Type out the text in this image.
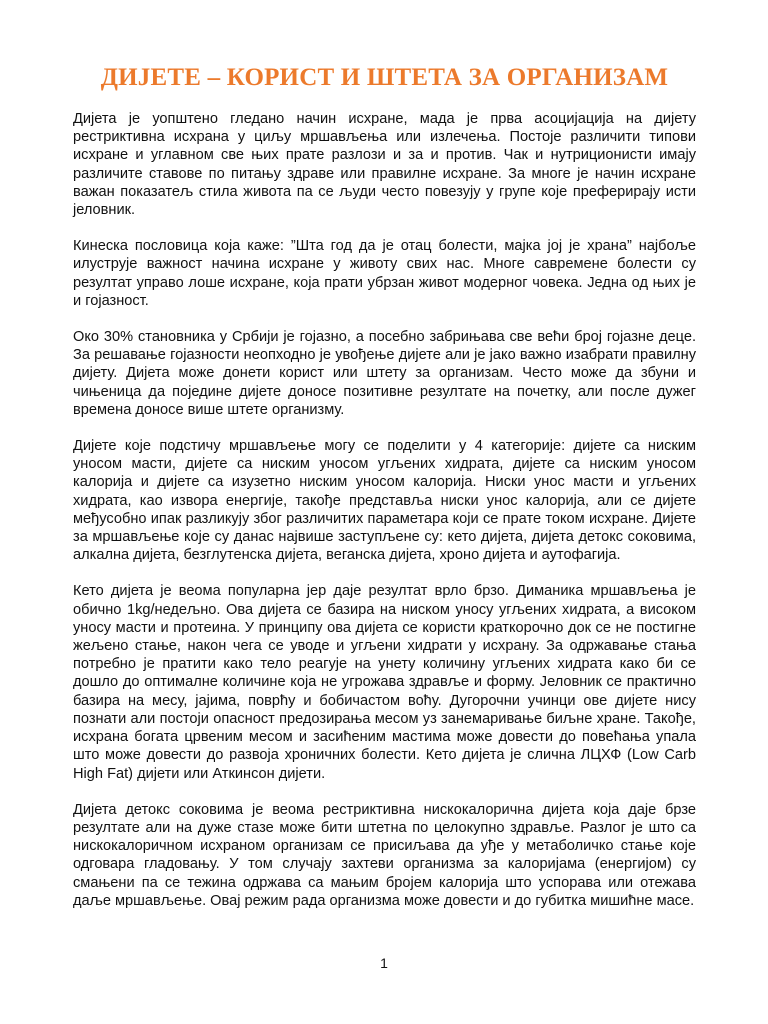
ДИЈЕТЕ – КОРИСТ И ШТЕТА ЗА ОРГАНИЗАМ

Дијета је уопштено гледано начин исхране, мада је прва асоцијација на дијету рестриктивна исхрана у циљу мршављења или излечења. Постоје различити типови исхране и углавном све њих прате разлози и за и против. Чак и нутриционисти имају различите ставове по питању здраве или правилне исхране. За многе је начин исхране важан показатељ стила живота па се људи често повезују у групе које преферирају исти јеловник.

Кинеска пословица која каже: ”Шта год да је отац болести, мајка јој је храна” најбоље илуструје важност начина исхране у животу свих нас. Многе савремене болести су резултат управо лоше исхране, која прати убрзан живот модерног човека. Једна од њих је и гојазност.

Око 30% становника у Србији је гојазно, а посебно забрињава све већи број гојазне деце. За решавање гојазности неопходно је увођење дијете али је јако важно изабрати правилну дијету. Дијета може донети корист или штету за организам. Често може да збуни и чињеница да поједине дијете доносе позитивне резултате на почетку, али после дужег времена доносе више штете организму.

Дијете које подстичу мршављење могу се поделити у 4 категорије: дијете са ниским уносом масти, дијете са ниским уносом угљених хидрата, дијете са ниским уносом калорија и дијете са изузетно ниским уносом калорија. Ниски унос масти и угљених хидрата, као извора енергије, такође представља ниски унос калорија, али се дијете међусобно ипак разликују због различитих параметара који се прате током исхране. Дијете за мршављење које су данас највише заступљене су: кето дијета, дијета детокс соковима, алкална дијета, безглутенска дијета, веганска дијета, хроно дијета и аутофагија.

Кето дијета је веома популарна јер даје резултат врло брзо. Диманика мршављења је обично 1kg/недељно. Ова дијета се базира на ниском уносу угљених хидрата, а високом уносу масти и протеина. У принципу ова дијета се користи краткорочно док се не постигне жељено стање, након чега се уводе и угљени хидрати у исхрану. За одржавање стања потребно је пратити како тело реагује на унету количину угљених хидрата како би се дошло до оптималне количине која не угрожава здравље и форму. Јеловник се практично базира на месу, јајима, поврћу и бобичастом воћу. Дугорочни учинци ове дијете нису познати али постоји опасност предозирања месом уз занемаривање биљне хране. Такође, исхрана богата црвеним месом и засићеним мастима може довести до повећања упала што може довести до развоја хроничних болести. Кето дијета је слична ЛЦХФ (Low Carb High Fat) дијети или Аткинсон дијети.

Дијета детокс соковима је веома рестриктивна нискокалорична дијета која даје брзе резултате али на дуже стазе може бити штетна по целокупно здравље. Разлог је што са нискокалоричном исхраном организам се присиљава да уђе у метаболичко стање које одговара гладовању. У том случају захтеви организма за калоријама (енергијом) су смањени па се тежина одржава са мањим бројем калорија што успорава или отежава даље мршављење. Овај режим рада организма може довести и до губитка мишићне масе.

1
